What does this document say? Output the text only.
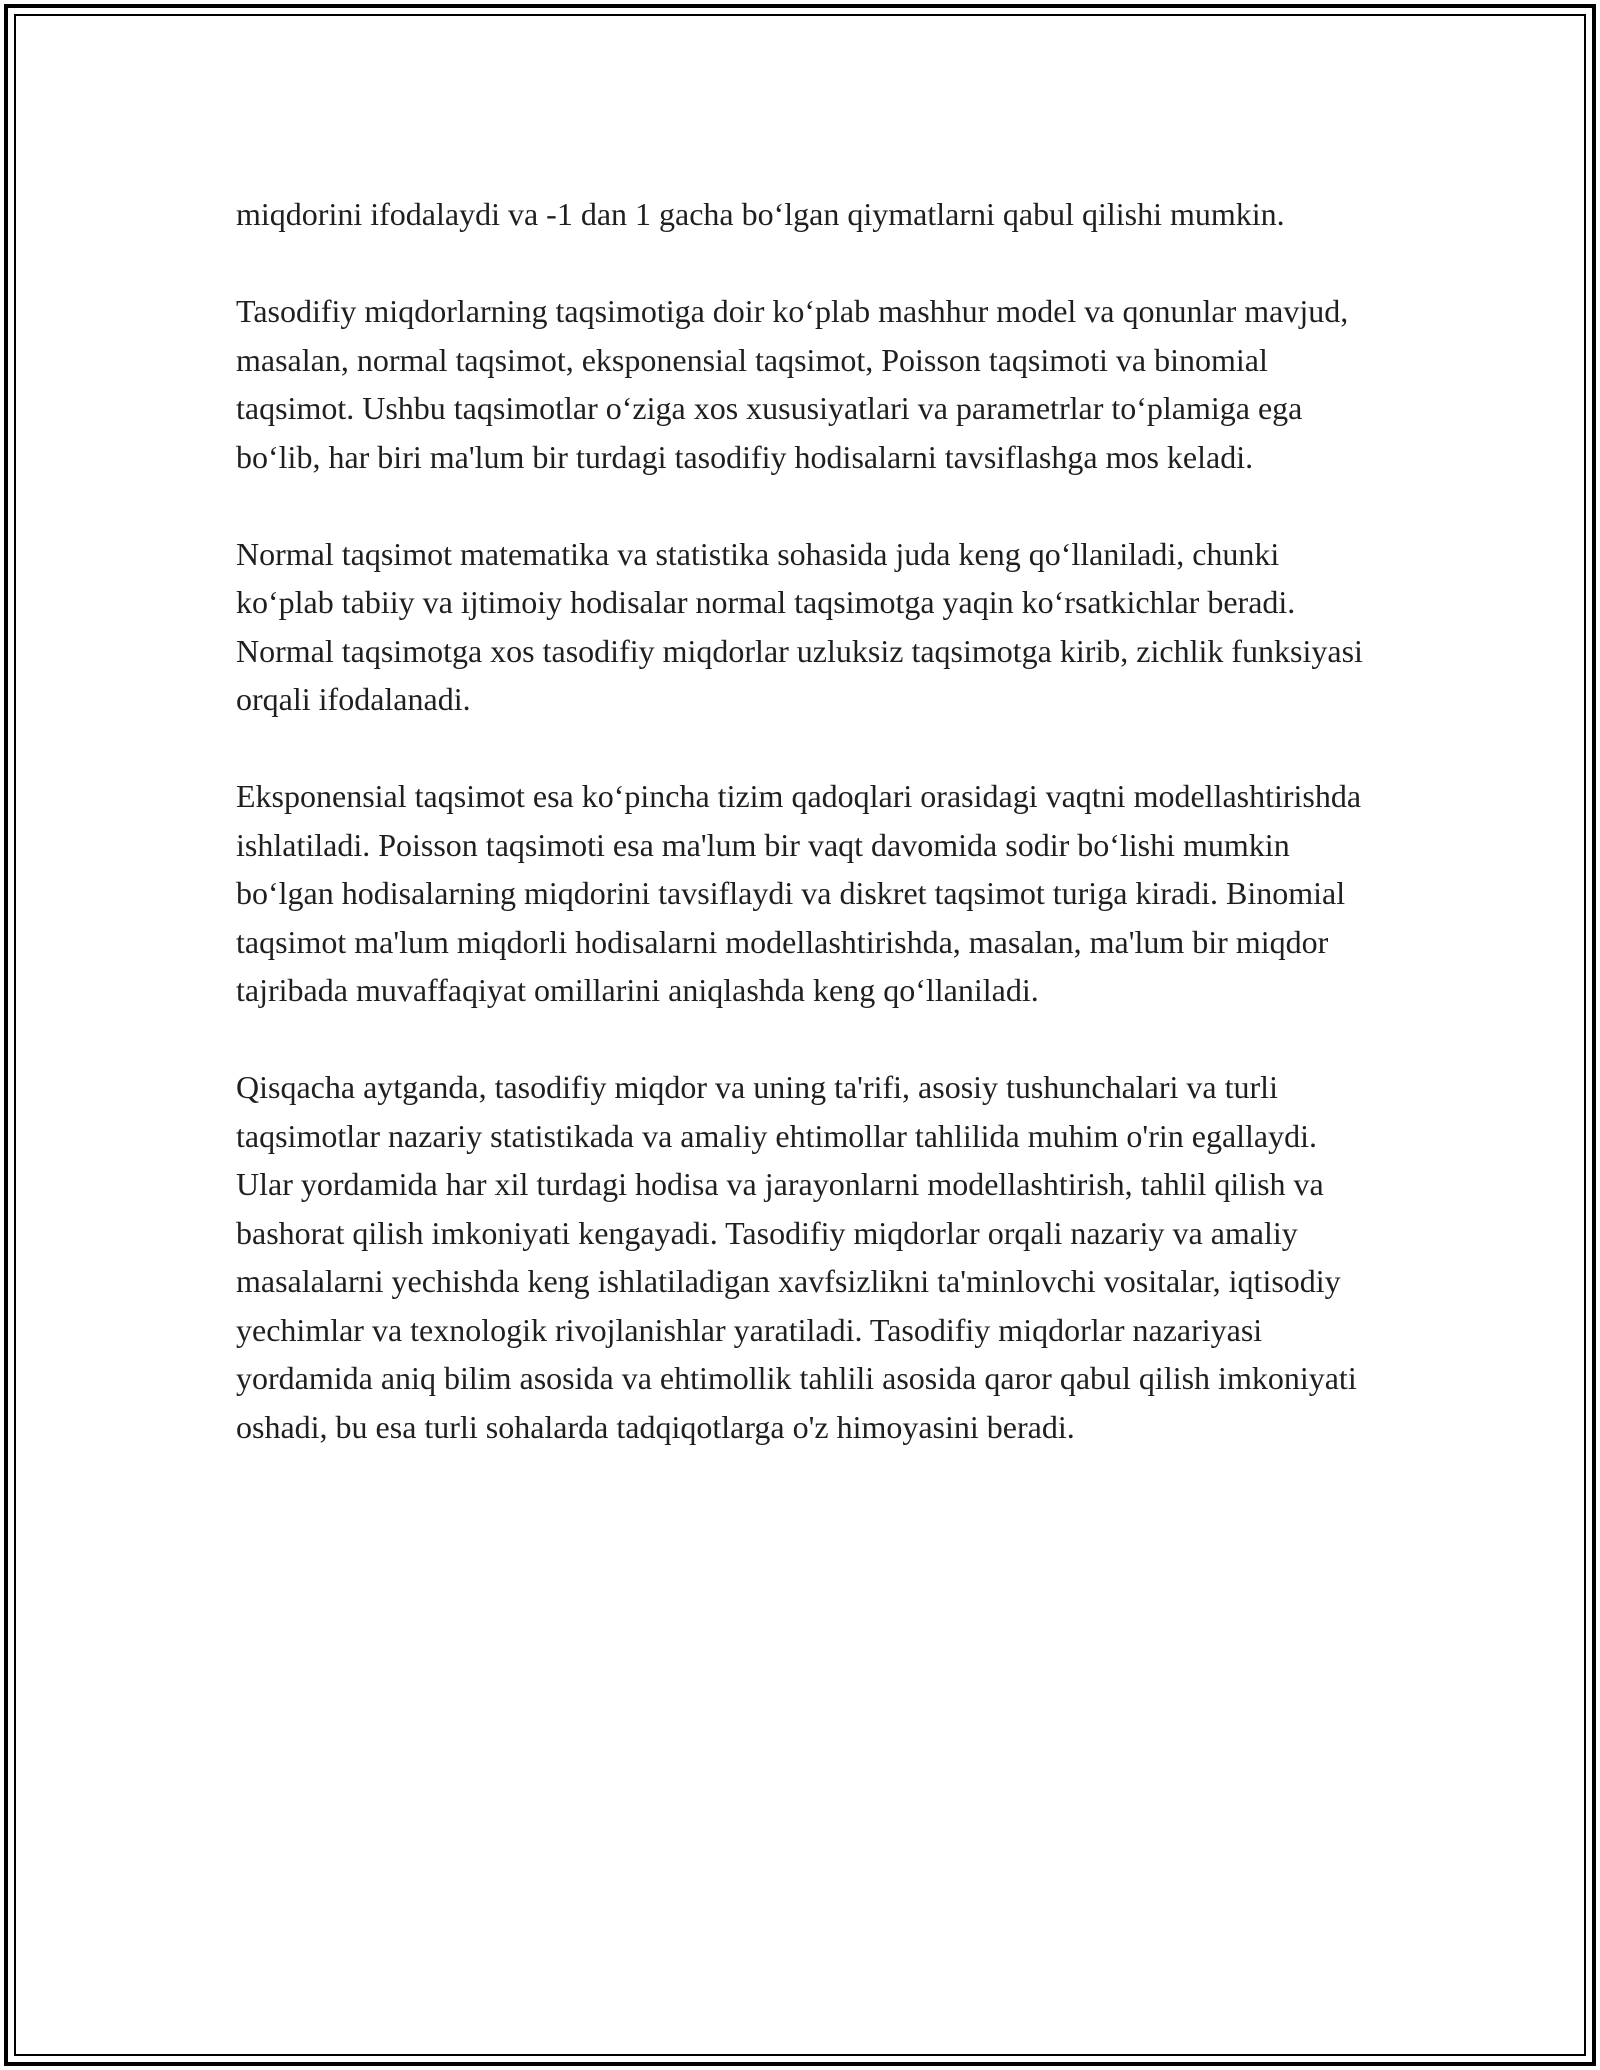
miqdorini ifodalaydi va -1 dan 1 gacha bo‘lgan qiymatlarni qabul qilishi mumkin.

Tasodifiy miqdorlarning taqsimotiga doir ko‘plab mashhur model va qonunlar mavjud, masalan, normal taqsimot, eksponensial taqsimot, Poisson taqsimoti va binomial taqsimot. Ushbu taqsimotlar o‘ziga xos xususiyatlari va parametrlar to‘plamiga ega bo‘lib, har biri ma'lum bir turdagi tasodifiy hodisalarni tavsiflashga mos keladi.

Normal taqsimot matematika va statistika sohasida juda keng qo‘llaniladi, chunki ko‘plab tabiiy va ijtimoiy hodisalar normal taqsimotga yaqin ko‘rsatkichlar beradi. Normal taqsimotga xos tasodifiy miqdorlar uzluksiz taqsimotga kirib, zichlik funksiyasi orqali ifodalanadi.

Eksponensial taqsimot esa ko‘pincha tizim qadoqlari orasidagi vaqtni modellashtirishda ishlatiladi. Poisson taqsimoti esa ma'lum bir vaqt davomida sodir bo‘lishi mumkin bo‘lgan hodisalarning miqdorini tavsiflaydi va diskret taqsimot turiga kiradi. Binomial taqsimot ma'lum miqdorli hodisalarni modellashtirishda, masalan, ma'lum bir miqdor tajribada muvaffaqiyat omillarini aniqlashda keng qo‘llaniladi.

Qisqacha aytganda, tasodifiy miqdor va uning ta'rifi, asosiy tushunchalari va turli taqsimotlar nazariy statistikada va amaliy ehtimollar tahlilida muhim o'rin egallaydi. Ular yordamida har xil turdagi hodisa va jarayonlarni modellashtirish, tahlil qilish va bashorat qilish imkoniyati kengayadi. Tasodifiy miqdorlar orqali nazariy va amaliy masalalarni yechishda keng ishlatiladigan xavfsizlikni ta'minlovchi vositalar, iqtisodiy yechimlar va texnologik rivojlanishlar yaratiladi. Tasodifiy miqdorlar nazariyasi yordamida aniq bilim asosida va ehtimollik tahlili asosida qaror qabul qilish imkoniyati oshadi, bu esa turli sohalarda tadqiqotlarga o'z himoyasini beradi.
